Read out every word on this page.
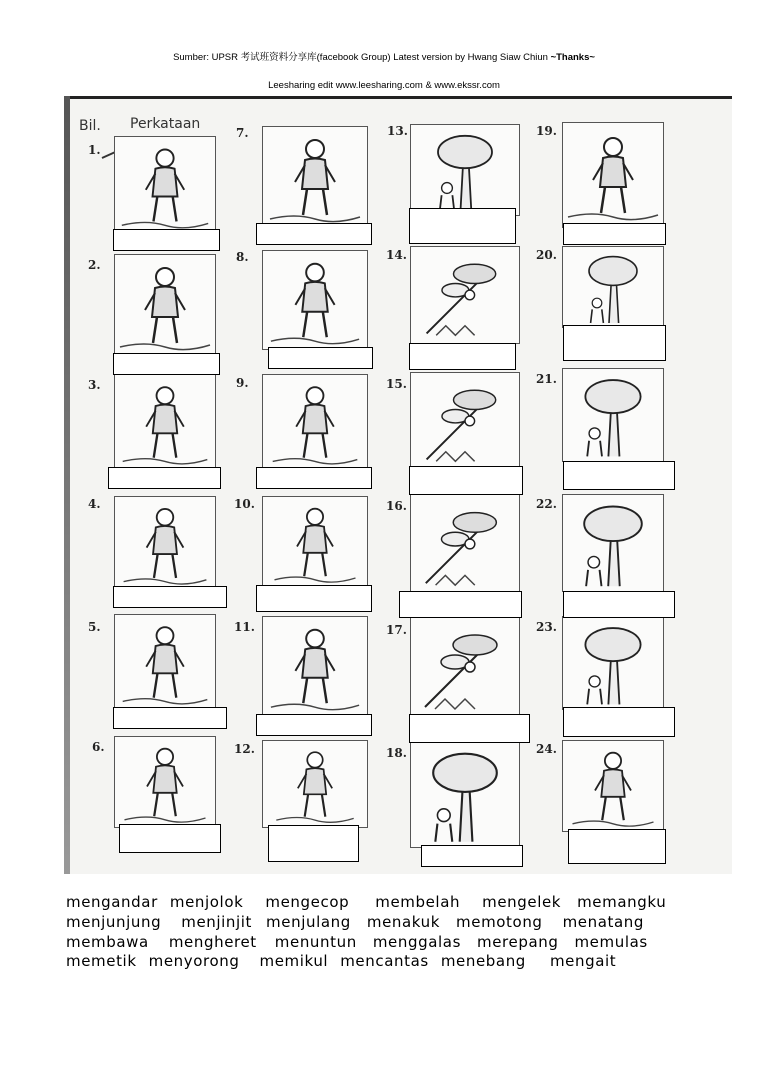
Sumber: UPSR 考试班资料分享库(facebook Group) Latest version by Hwang Siaw Chiun ~Thanks~
Leesharing edit www.leesharing.com & www.ekssr.com
Bil. Perkataan
1.
2.
3.
4.
5.
6.
7.
8.
9.
10.
11.
12.
13.
14.
15.
16.
17.
18.
19.
20.
21.
22.
23.
24.
mengandar menjolok mengecop membelah mengelek memangku
menjunjung menjinjit menjulang menakuk memotong menatang
membawa mengheret menuntun menggalas merepang memulas
memetik menyorong memikul mencantas menebang mengait
